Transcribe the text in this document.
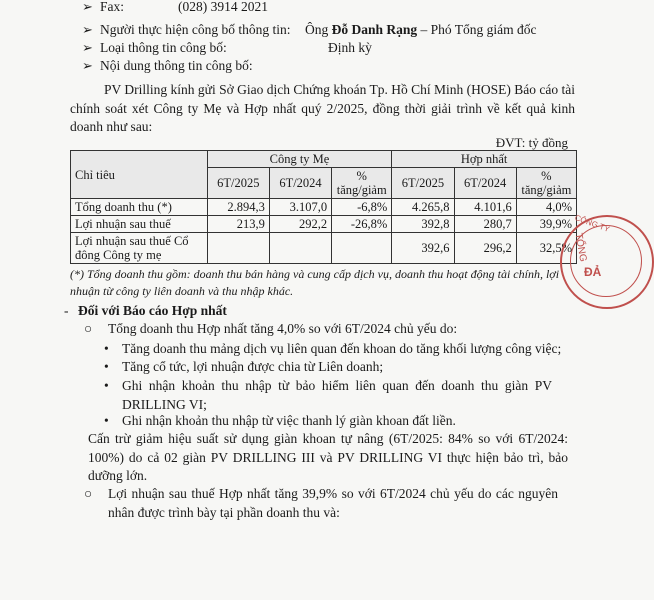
➢ Fax:	(028) 3914 2021
➢ Người thực hiện công bố thông tin: Ông Đỗ Danh Rạng – Phó Tổng giám đốc
➢ Loại thông tin công bố:	Định kỳ
➢ Nội dung thông tin công bố:
PV Drilling kính gửi Sở Giao dịch Chứng khoán Tp. Hồ Chí Minh (HOSE) Báo cáo tài chính soát xét Công ty Mẹ và Hợp nhất quý 2/2025, đồng thời giải trình về kết quả kinh doanh như sau:
ĐVT: tỷ đồng
Chỉ tiêu	Công ty Mẹ			Hợp nhất		
	6T/2025	6T/2024	% tăng/giảm	6T/2025	6T/2024	% tăng/giảm
Tổng doanh thu (*)	2.894,3	3.107,0	-6,8%	4.265,8	4.101,6	4,0%
Lợi nhuận sau thuế	213,9	292,2	-26,8%	392,8	280,7	39,9%
Lợi nhuận sau thuế Cổ đông Công ty mẹ				392,6	296,2	32,5%
(*) Tổng doanh thu gồm: doanh thu bán hàng và cung cấp dịch vụ, doanh thu hoạt động tài chính, lợi nhuận từ công ty liên doanh và thu nhập khác.
- Đối với Báo cáo Hợp nhất
○ Tổng doanh thu Hợp nhất tăng 4,0% so với 6T/2024 chủ yếu do:
• Tăng doanh thu mảng dịch vụ liên quan đến khoan do tăng khối lượng công việc;
• Tăng cổ tức, lợi nhuận được chia từ Liên doanh;
• Ghi nhận khoản thu nhập từ bảo hiểm liên quan đến doanh thu giàn PV DRILLING VI;
• Ghi nhận khoản thu nhập từ việc thanh lý giàn khoan đất liền.
Cấn trừ giảm hiệu suất sử dụng giàn khoan tự nâng (6T/2025: 84% so với 6T/2024: 100%) do cả 02 giàn PV DRILLING III và PV DRILLING VI thực hiện bảo trì, bảo dưỡng lớn.
○ Lợi nhuận sau thuế Hợp nhất tăng 39,9% so với 6T/2024 chủ yếu do các nguyên nhân được trình bày tại phần doanh thu và:
CÔNG TY
TỔNG
ĐẢ
